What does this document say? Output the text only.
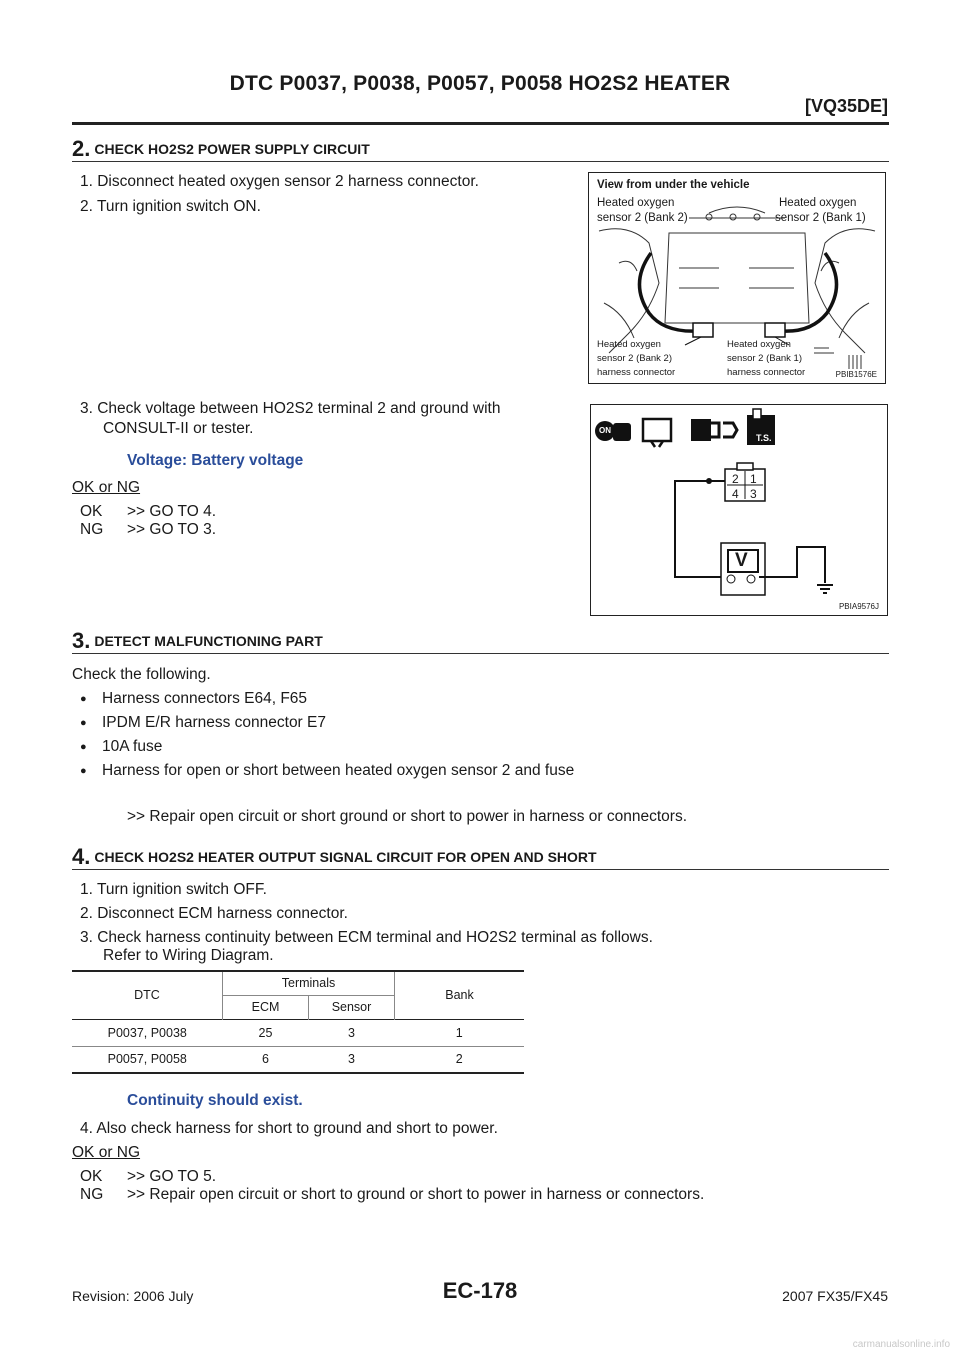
DTC P0037, P0038, P0057, P0058 HO2S2 HEATER
[VQ35DE]
2. CHECK HO2S2 POWER SUPPLY CIRCUIT
1. Disconnect heated oxygen sensor 2 harness connector.
2. Turn ignition switch ON.
3. Check voltage between HO2S2 terminal 2 and ground with
CONSULT-II or tester.
Voltage: Battery voltage
OK or NG
OK >> GO TO 4.
NG >> GO TO 3.
View from under the vehicle
Heated oxygen
sensor 2 (Bank 2)
Heated oxygen
sensor 2 (Bank 1)
Heated oxygen
sensor 2 (Bank 2)
harness connector
Heated oxygen
sensor 2 (Bank 1)
harness connector	PBIB1576E
ON
T.S.
2 1
4 3
V
PBIA9576J
3. DETECT MALFUNCTIONING PART
Check the following.
● Harness connectors E64, F65
● IPDM E/R harness connector E7
● 10A fuse
● Harness for open or short between heated oxygen sensor 2 and fuse
>> Repair open circuit or short ground or short to power in harness or connectors.
4. CHECK HO2S2 HEATER OUTPUT SIGNAL CIRCUIT FOR OPEN AND SHORT
1. Turn ignition switch OFF.
2. Disconnect ECM harness connector.
3. Check harness continuity between ECM terminal and HO2S2 terminal as follows.
Refer to Wiring Diagram.
DTC	Terminals		Bank
	ECM	Sensor	
P0037, P0038	25	3	1
P0057, P0058	6	3	2
Continuity should exist.
4. Also check harness for short to ground and short to power.
OK or NG
OK >> GO TO 5.
NG >> Repair open circuit or short to ground or short to power in harness or connectors.
Revision: 2006 July	EC-178	2007 FX35/FX45
carmanualsonline.info
